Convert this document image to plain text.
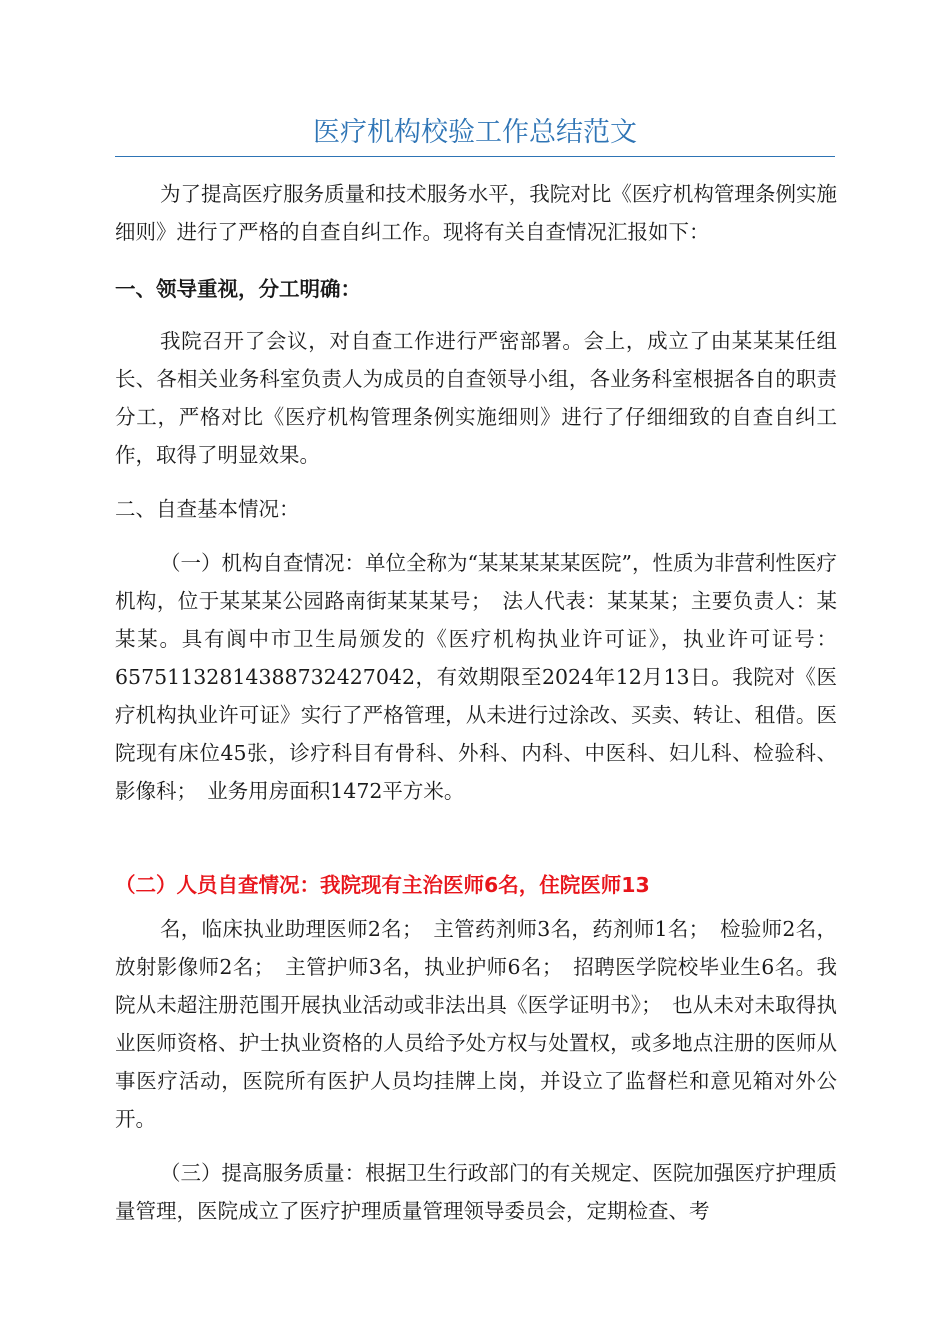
医疗机构校验工作总结范文

为了提高医疗服务质量和技术服务水平，我院对比《医疗机构管理条例实施细则》进行了严格的自查自纠工作。现将有关自查情况汇报如下：

一、领导重视，分工明确：

我院召开了会议，对自查工作进行严密部署。会上，成立了由某某某任组长、各相关业务科室负责人为成员的自查领导小组，各业务科室根据各自的职责分工，严格对比《医疗机构管理条例实施细则》进行了仔细细致的自查自纠工作，取得了明显效果。

二、自查基本情况：

（一）机构自查情况：单位全称为“某某某某某医院”，性质为非营利性医疗机构，位于某某某公园路南街某某某号；　法人代表：某某某；主要负责人：某某某。具有阆中市卫生局颁发的《医疗机构执业许可证》，执业许可证号：6575113281438873242​7042，有效期限至2024年12月13日。我院对《医疗机构执业许可证》实行了严格管理，从未进行过涂改、买卖、转让、租借。医院现有床位45张，诊疗科目有骨科、外科、内科、中医科、妇儿科、检验科、影像科；　业务用房面积1472平方米。

（二）人员自查情况：我院现有主治医师6名，住院医师13

名，临床执业助理医师2名；　主管药剂师3名，药剂师1名；　检验师2名，放射影像师2名；　主管护师3名，执业护师6名；　招聘医学院校毕业生6名。我院从未超注册范围开展执业活动或非法出具《医学证明书》；　也从未对未取得执业医师资格、护士执业资格的人员给予处方权与处置权，或多地点注册的医师从事医疗活动，医院所有医护人员均挂牌上岗，并设立了监督栏和意见箱对外公开。

（三）提高服务质量：根据卫生行政部门的有关规定、医院加强医疗护理质量管理，医院成立了医疗护理质量管理领导委员会，定期检查、考
